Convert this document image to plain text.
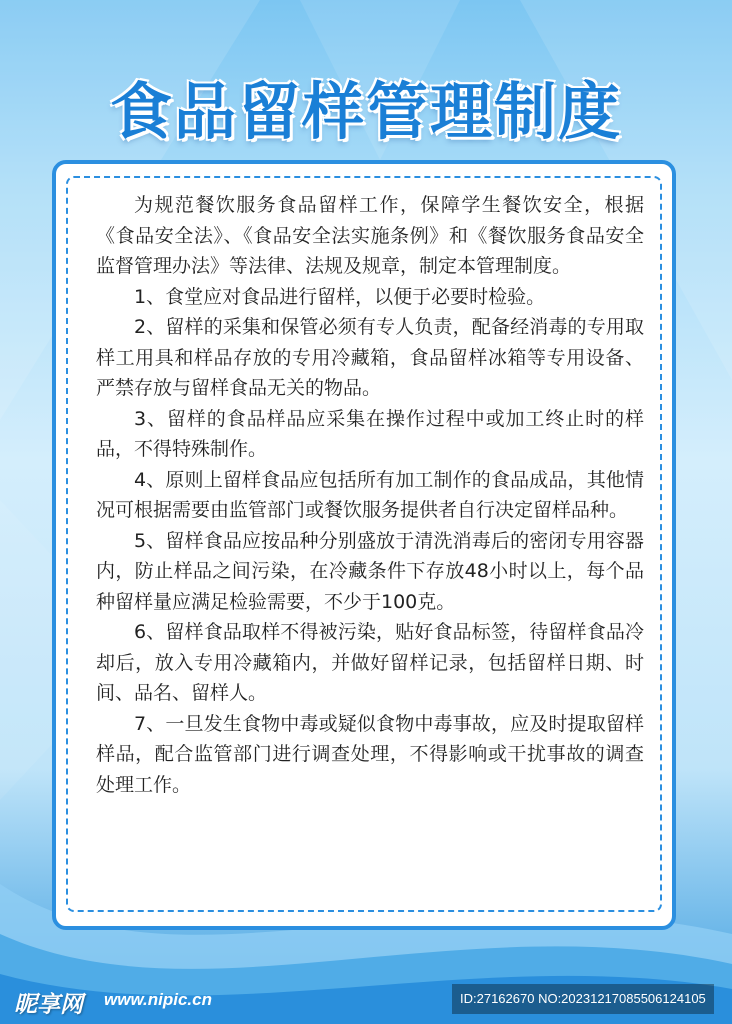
食品留样管理制度

为规范餐饮服务食品留样工作，保障学生餐饮安全，根据《食品安全法》、《食品安全法实施条例》和《餐饮服务食品安全监督管理办法》等法律、法规及规章，制定本管理制度。

1、食堂应对食品进行留样，以便于必要时检验。

2、留样的采集和保管必须有专人负责，配备经消毒的专用取样工用具和样品存放的专用冷藏箱，食品留样冰箱等专用设备、严禁存放与留样食品无关的物品。

3、留样的食品样品应采集在操作过程中或加工终止时的样品，不得特殊制作。

4、原则上留样食品应包括所有加工制作的食品成品，其他情况可根据需要由监管部门或餐饮服务提供者自行决定留样品种。

5、留样食品应按品种分别盛放于清洗消毒后的密闭专用容器内，防止样品之间污染，在冷藏条件下存放48小时以上，每个品种留样量应满足检验需要，不少于100克。

6、留样食品取样不得被污染，贴好食品标签，待留样食品冷却后，放入专用冷藏箱内，并做好留样记录，包括留样日期、时间、品名、留样人。

7、一旦发生食物中毒或疑似食物中毒事故，应及时提取留样样品，配合监管部门进行调查处理，不得影响或干扰事故的调查处理工作。

昵享网 www.nipic.cn	ID:27162670 NO:20231217085506124105
